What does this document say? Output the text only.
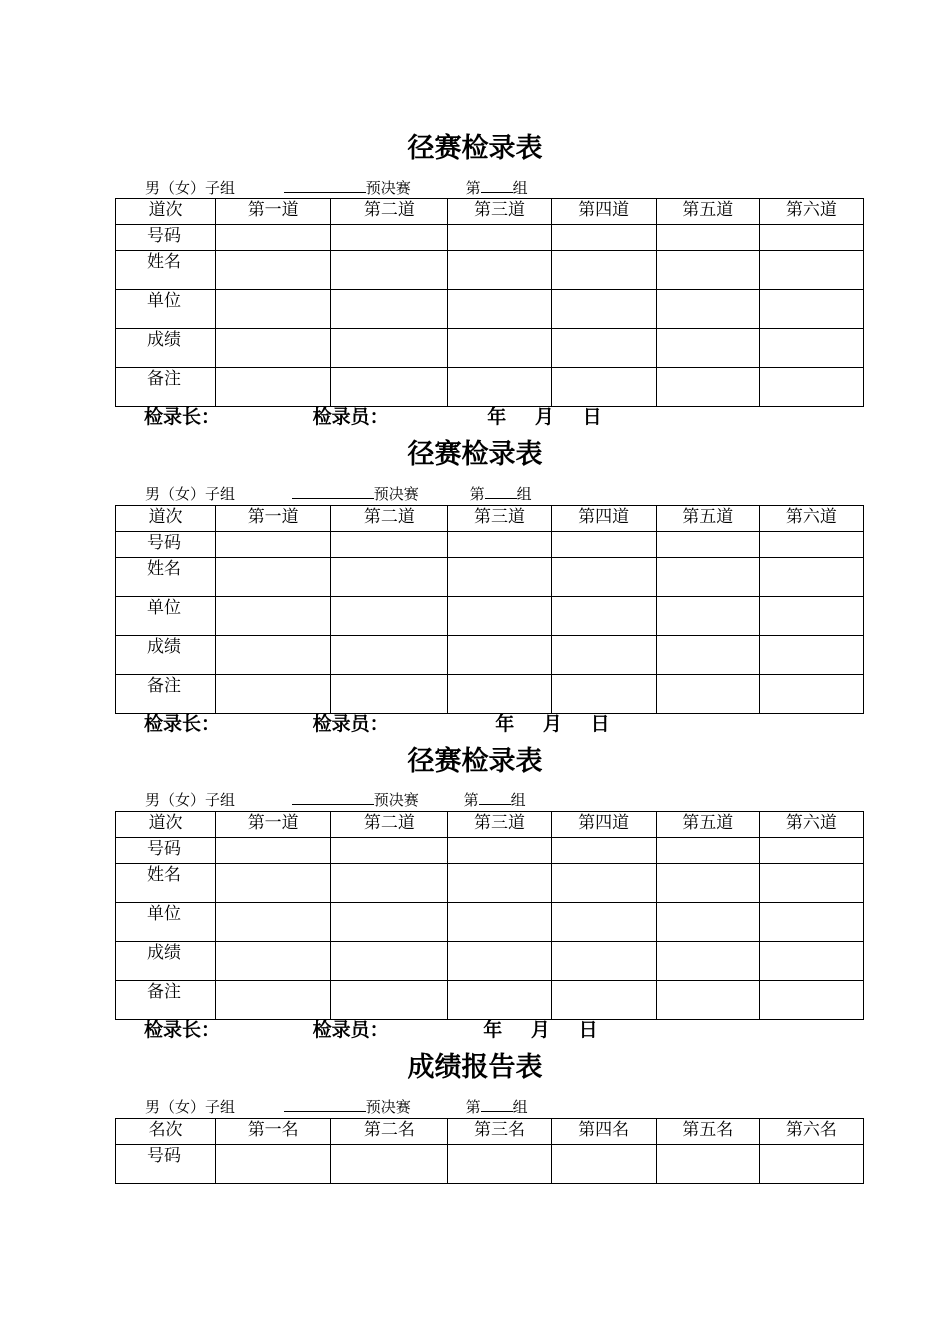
径赛检录表
男（女）子组	预决赛	第 组
道次	第一道	第二道	第三道	第四道	第五道	第六道
号码						
姓名						
单位						
成绩						
备注						
检录长：	检录员：	年 月 日
径赛检录表
男（女）子组	预决赛	第 组
道次	第一道	第二道	第三道	第四道	第五道	第六道
号码						
姓名						
单位						
成绩						
备注						
检录长：	检录员：	年 月 日
径赛检录表
男（女）子组	预决赛	第 组
道次	第一道	第二道	第三道	第四道	第五道	第六道
号码						
姓名						
单位						
成绩						
备注						
检录长：	检录员：	年 月 日
成绩报告表
男（女）子组	预决赛	第 组
名次	第一名	第二名	第三名	第四名	第五名	第六名
号码						
